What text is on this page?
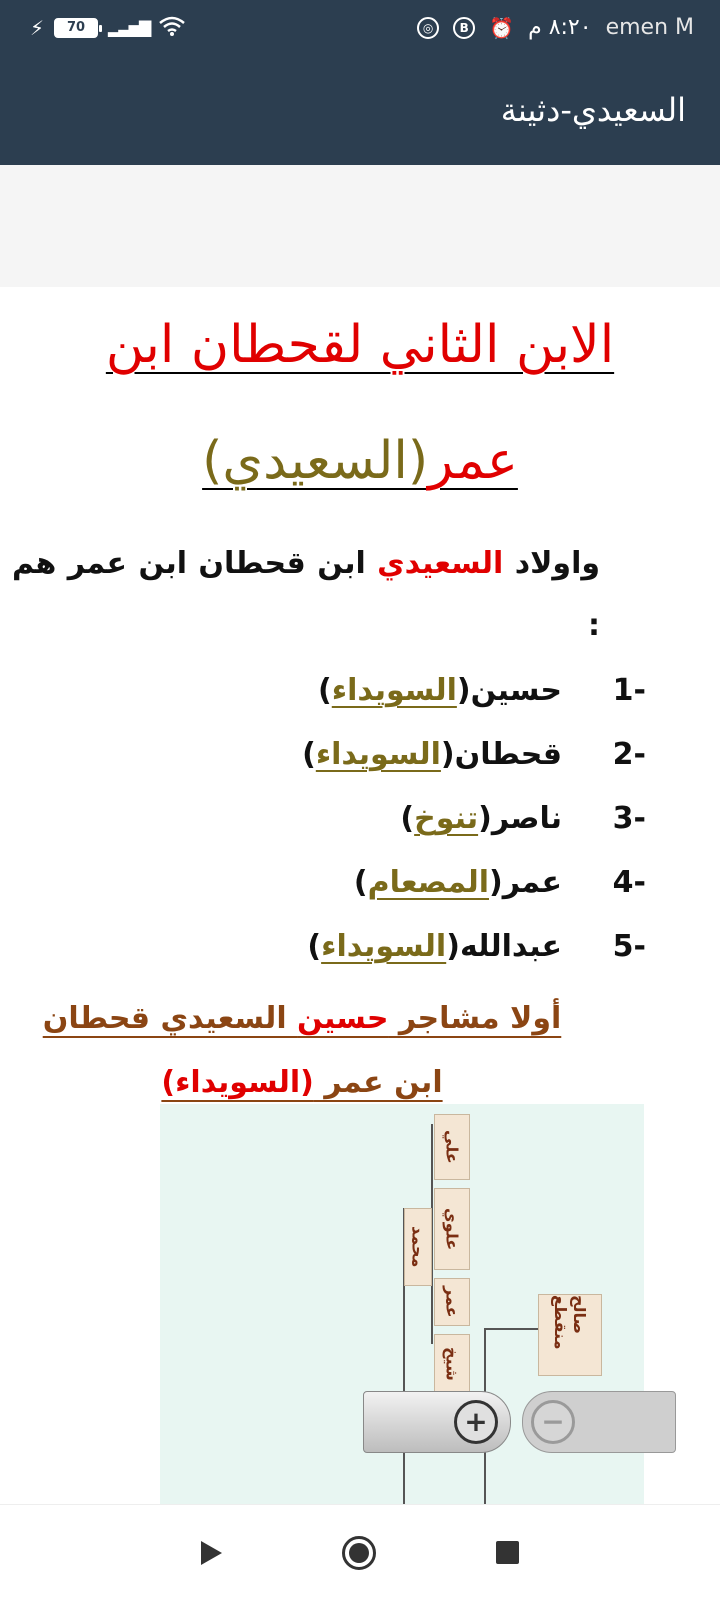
⚡	70	▂▃▅▇	◎	B	⏰ ٨:٢٠ م emen M
السعيدي-دثينة
الابن الثاني لقحطان ابن عمر(السعيدي)
واولاد السعيدي ابن قحطان ابن عمر هم :
1-
حسين
(
السويداء
)
2-
قحطان
(
السويداء
)
3-
ناصر
(
تنوخ
)
4-
عمر
(
المصعام
)
5-
عبدالله
(
السويداء
)
أولا مشاجر حسين السعيدي قحطان ابن عمر (السويداء)
علي
علوي
عمر
شيخ
محمد
صالح منقطع
+	−
